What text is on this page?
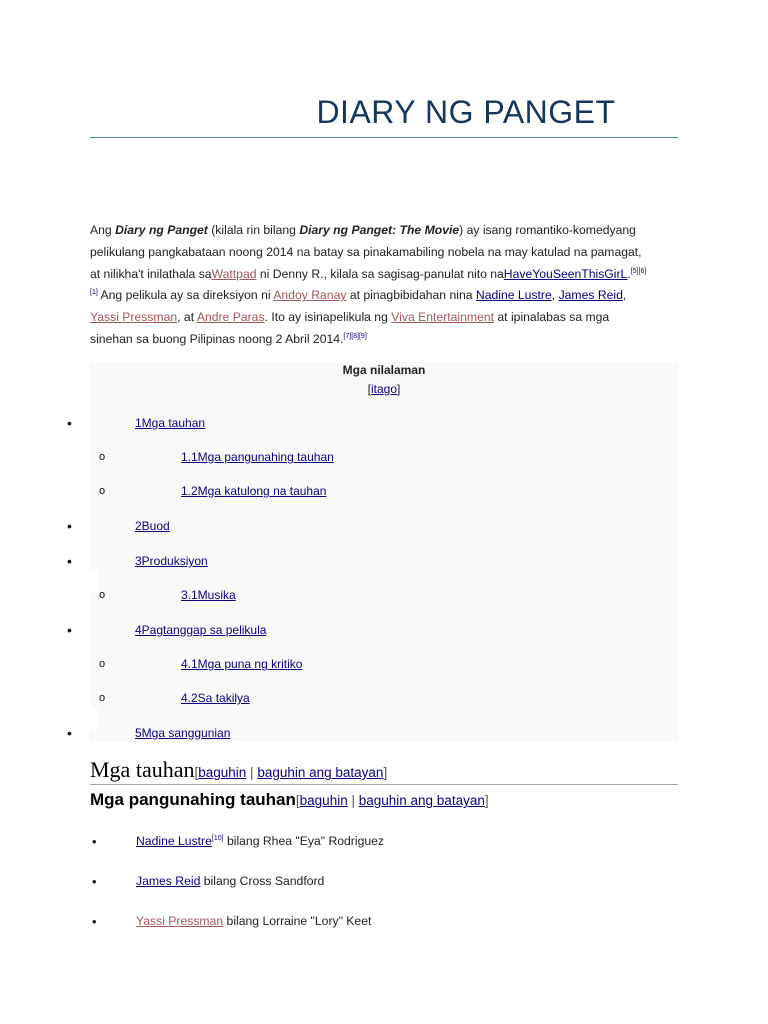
DIARY NG PANGET
Ang Diary ng Panget (kilala rin bilang Diary ng Panget: The Movie) ay isang romantiko-komedyang pelikulang pangkabataan noong 2014 na batay sa pinakamabiling nobela na may katulad na pamagat, at nilikha't inilathala saWattpad ni Denny R., kilala sa sagisag-panulat nito naHaveYouSeenThisGirL.[5][6][1] Ang pelikula ay sa direksiyon ni Andoy Ranay at pinagbibidahan nina Nadine Lustre, James Reid, Yassi Pressman, at Andre Paras. Ito ay isinapelikula ng Viva Entertainment at ipinalabas sa mga sinehan sa buong Pilipinas noong 2 Abril 2014.[7][8][9]
Mga nilalaman
[itago]
•	1Mga tauhan
o	1.1Mga pangunahing tauhan
o	1.2Mga katulong na tauhan
•	2Buod
•	3Produksiyon
o	3.1Musika
•	4Pagtanggap sa pelikula
o	4.1Mga puna ng kritiko
o	4.2Sa takilya
•	5Mga sanggunian
Mga tauhan[baguhin | baguhin ang batayan]
Mga pangunahing tauhan[baguhin | baguhin ang batayan]
•	Nadine Lustre[10] bilang Rhea "Eya" Rodriguez
•	James Reid bilang Cross Sandford
•	Yassi Pressman bilang Lorraine "Lory" Keet
